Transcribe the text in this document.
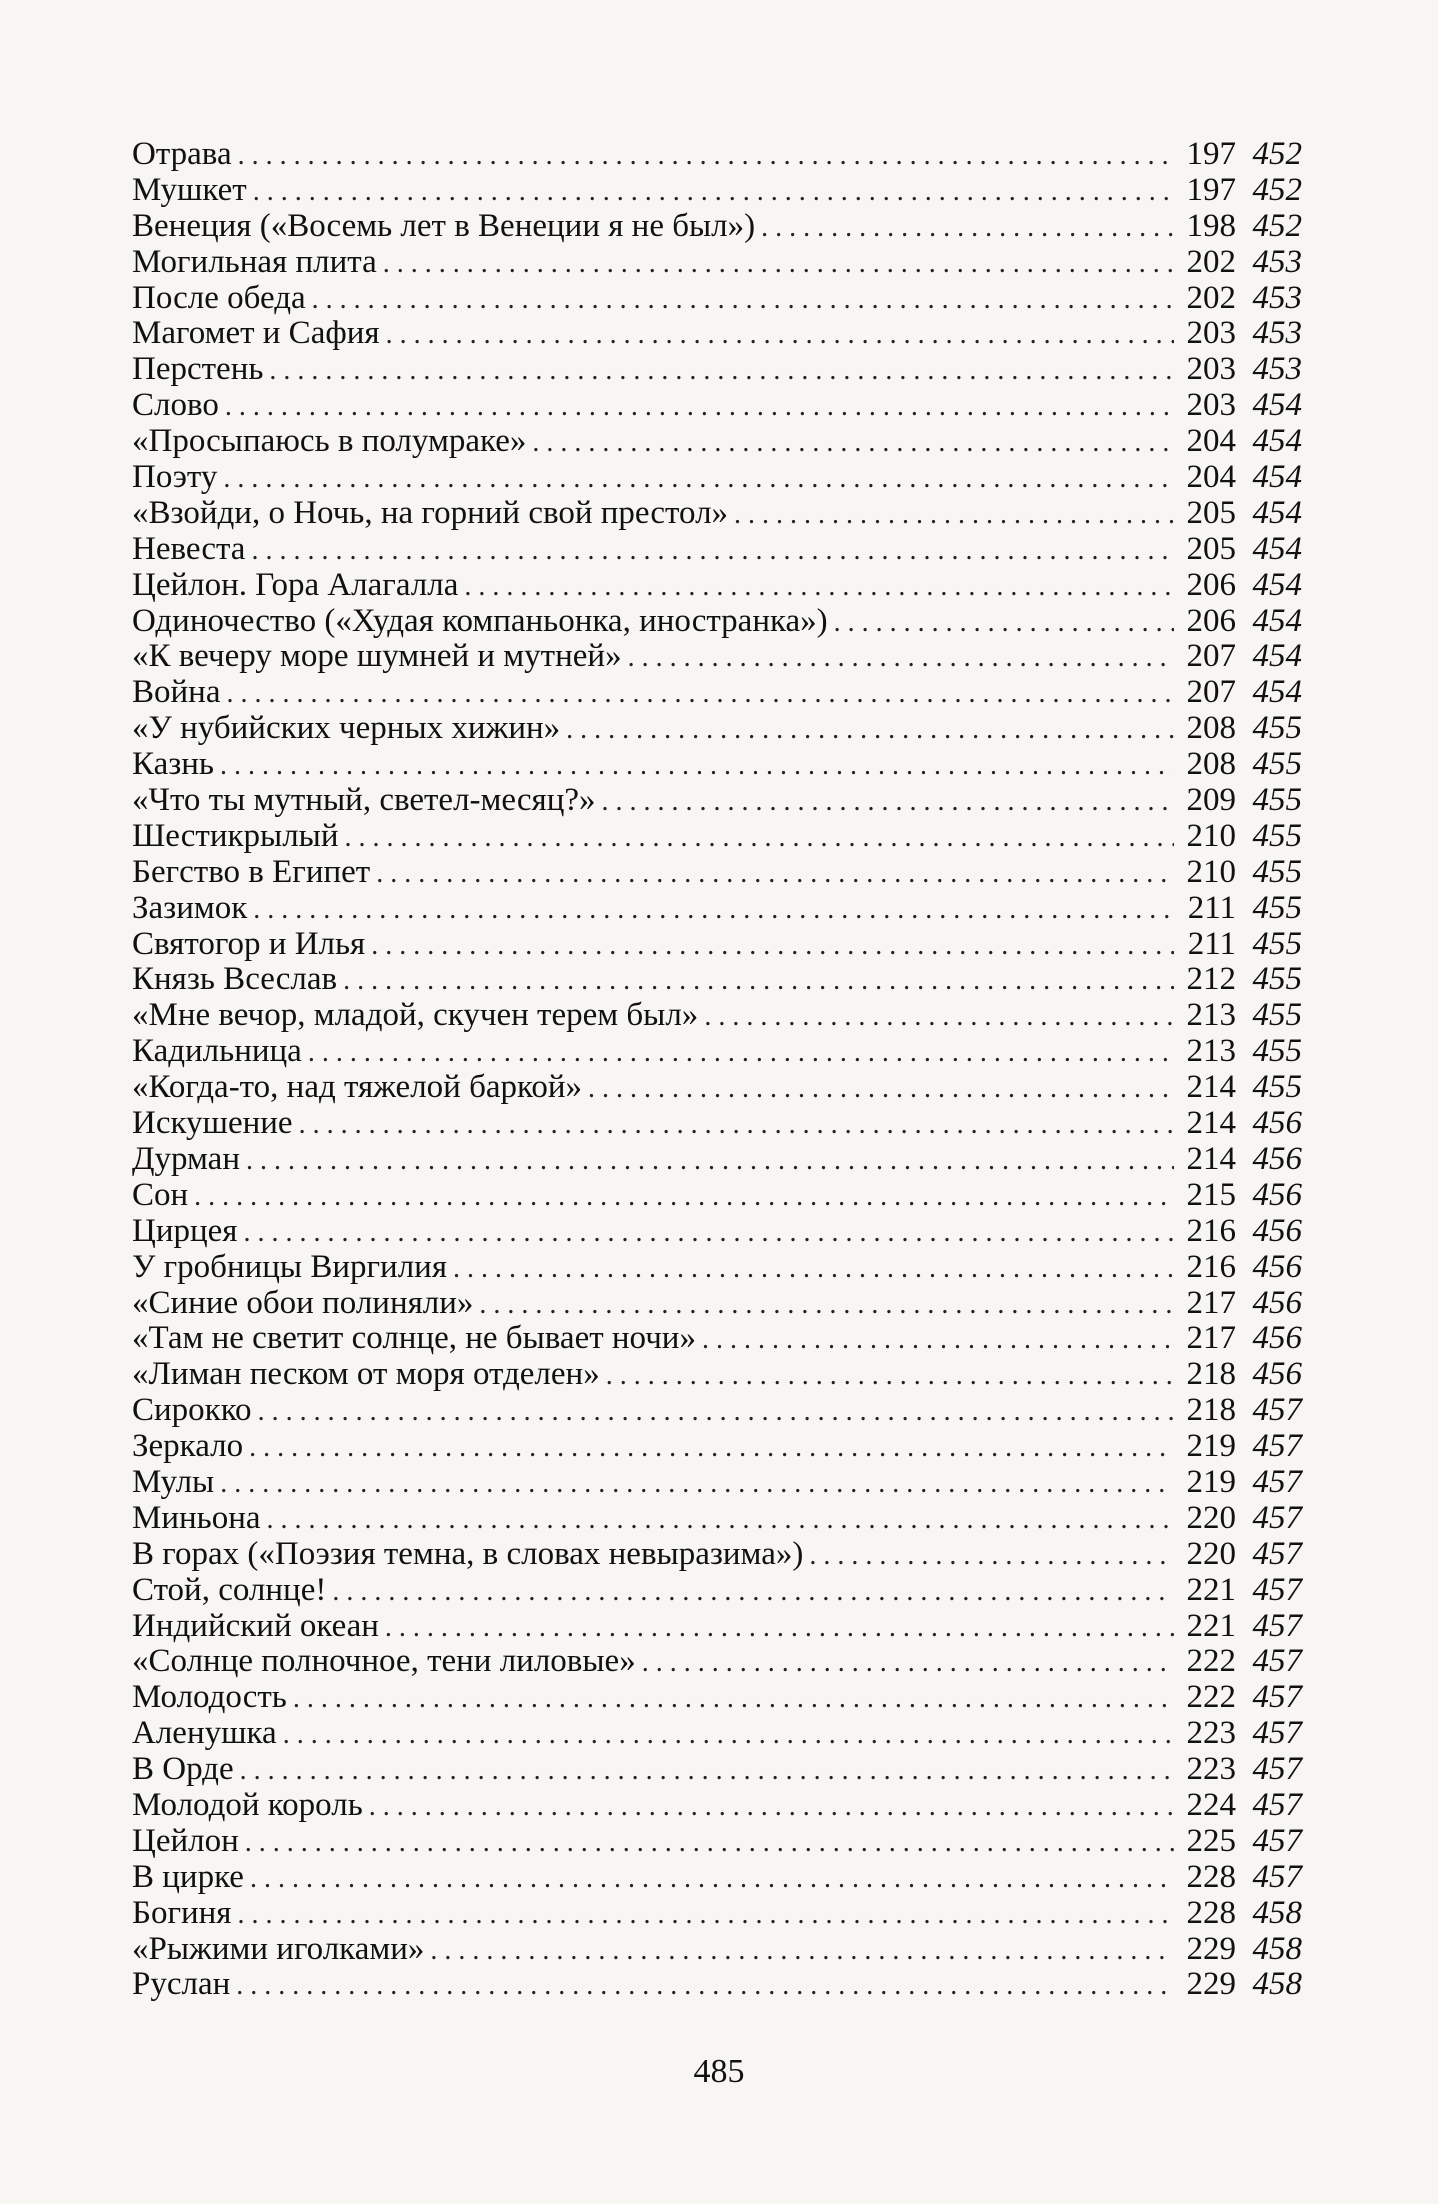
Отрава . . .	197 452
Мушкет . . .	197 452
Венеция («Восемь лет в Венеции я не был») . . .	198 452
Могильная плита . . .	202 453
После обеда . . .	202 453
Магомет и Сафия . . .	203 453
Перстень . . .	203 453
Слово . . .	203 454
«Просыпаюсь в полумраке» . . .	204 454
Поэту . . .	204 454
«Взойди, о Ночь, на горний свой престол» . . .	205 454
Невеста . . .	205 454
Цейлон. Гора Алагалла . . .	206 454
Одиночество («Худая компаньонка, иностранка») . . .	206 454
«К вечеру море шумней и мутней» . . .	207 454
Война . . .	207 454
«У нубийских черных хижин» . . .	208 455
Казнь . . .	208 455
«Что ты мутный, светел-месяц?» . . .	209 455
Шестикрылый . . .	210 455
Бегство в Египет . . .	210 455
Зазимок . . .	211 455
Святогор и Илья . . .	211 455
Князь Всеслав . . .	212 455
«Мне вечор, младой, скучен терем был» . . .	213 455
Кадильница . . .	213 455
«Когда-то, над тяжелой баркой» . . .	214 455
Искушение . . .	214 456
Дурман . . .	214 456
Сон . . .	215 456
Цирцея . . .	216 456
У гробницы Виргилия . . .	216 456
«Синие обои полиняли» . . .	217 456
«Там не светит солнце, не бывает ночи» . . .	217 456
«Лиман песком от моря отделен» . . .	218 456
Сирокко . . .	218 457
Зеркало . . .	219 457
Мулы . . .	219 457
Миньона . . .	220 457
В горах («Поэзия темна, в словах невыразима») . . .	220 457
Стой, солнце! . . .	221 457
Индийский океан . . .	221 457
«Солнце полночное, тени лиловые» . . .	222 457
Молодость . . .	222 457
Аленушка . . .	223 457
В Орде . . .	223 457
Молодой король . . .	224 457
Цейлон . . .	225 457
В цирке . . .	228 457
Богиня . . .	228 458
«Рыжими иголками» . . .	229 458
Руслан . . .	229 458
485
